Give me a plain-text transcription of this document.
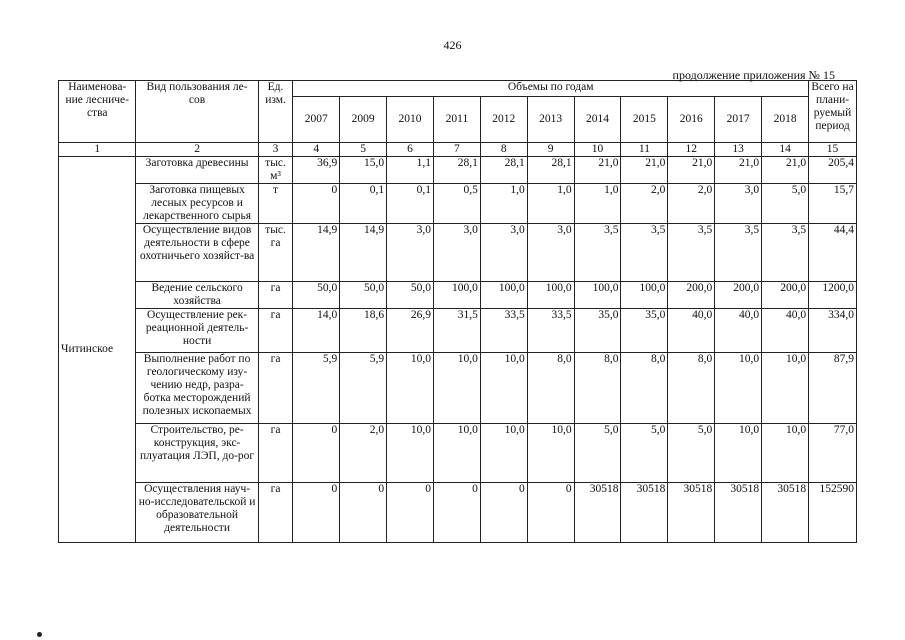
426
продолжение приложения № 15
Наименова-ние лесниче-ства	Вид пользования ле-сов	Ед. изм.	Объемы по годам											Всего на плани-руемый период
			2007	2009	2010	2011	2012	2013	2014	2015	2016	2017	2018	
1	2	3	4	5	6	7	8	9	10	11	12	13	14	15
Читинское	Заготовка древесины	тыс. м³	36,9	15,0	1,1	28,1	28,1	28,1	21,0	21,0	21,0	21,0	21,0	205,4
	Заготовка пищевых лесных ресурсов и лекарственного сырья	т	0	0,1	0,1	0,5	1,0	1,0	1,0	2,0	2,0	3,0	5,0	15,7
	Осуществление видов деятельности в сфере охотничьего хозяйст-ва	тыс. га	14,9	14,9	3,0	3,0	3,0	3,0	3,5	3,5	3,5	3,5	3,5	44,4
	Ведение сельского хозяйства	га	50,0	50,0	50,0	100,0	100,0	100,0	100,0	100,0	200,0	200,0	200,0	1200,0
	Осуществление рек-реационной деятель-ности	га	14,0	18,6	26,9	31,5	33,5	33,5	35,0	35,0	40,0	40,0	40,0	334,0
	Выполнение работ по геологическому изу-чению недр, разра-ботка месторождений полезных ископаемых	га	5,9	5,9	10,0	10,0	10,0	8,0	8,0	8,0	8,0	10,0	10,0	87,9
	Строительство, ре-конструкция, экс-плуатация ЛЭП, до-рог	га	0	2,0	10,0	10,0	10,0	10,0	5,0	5,0	5,0	10,0	10,0	77,0
	Осуществления науч-но-исследовательской и образовательной деятельности	га	0	0	0	0	0	0	30518	30518	30518	30518	30518	152590
